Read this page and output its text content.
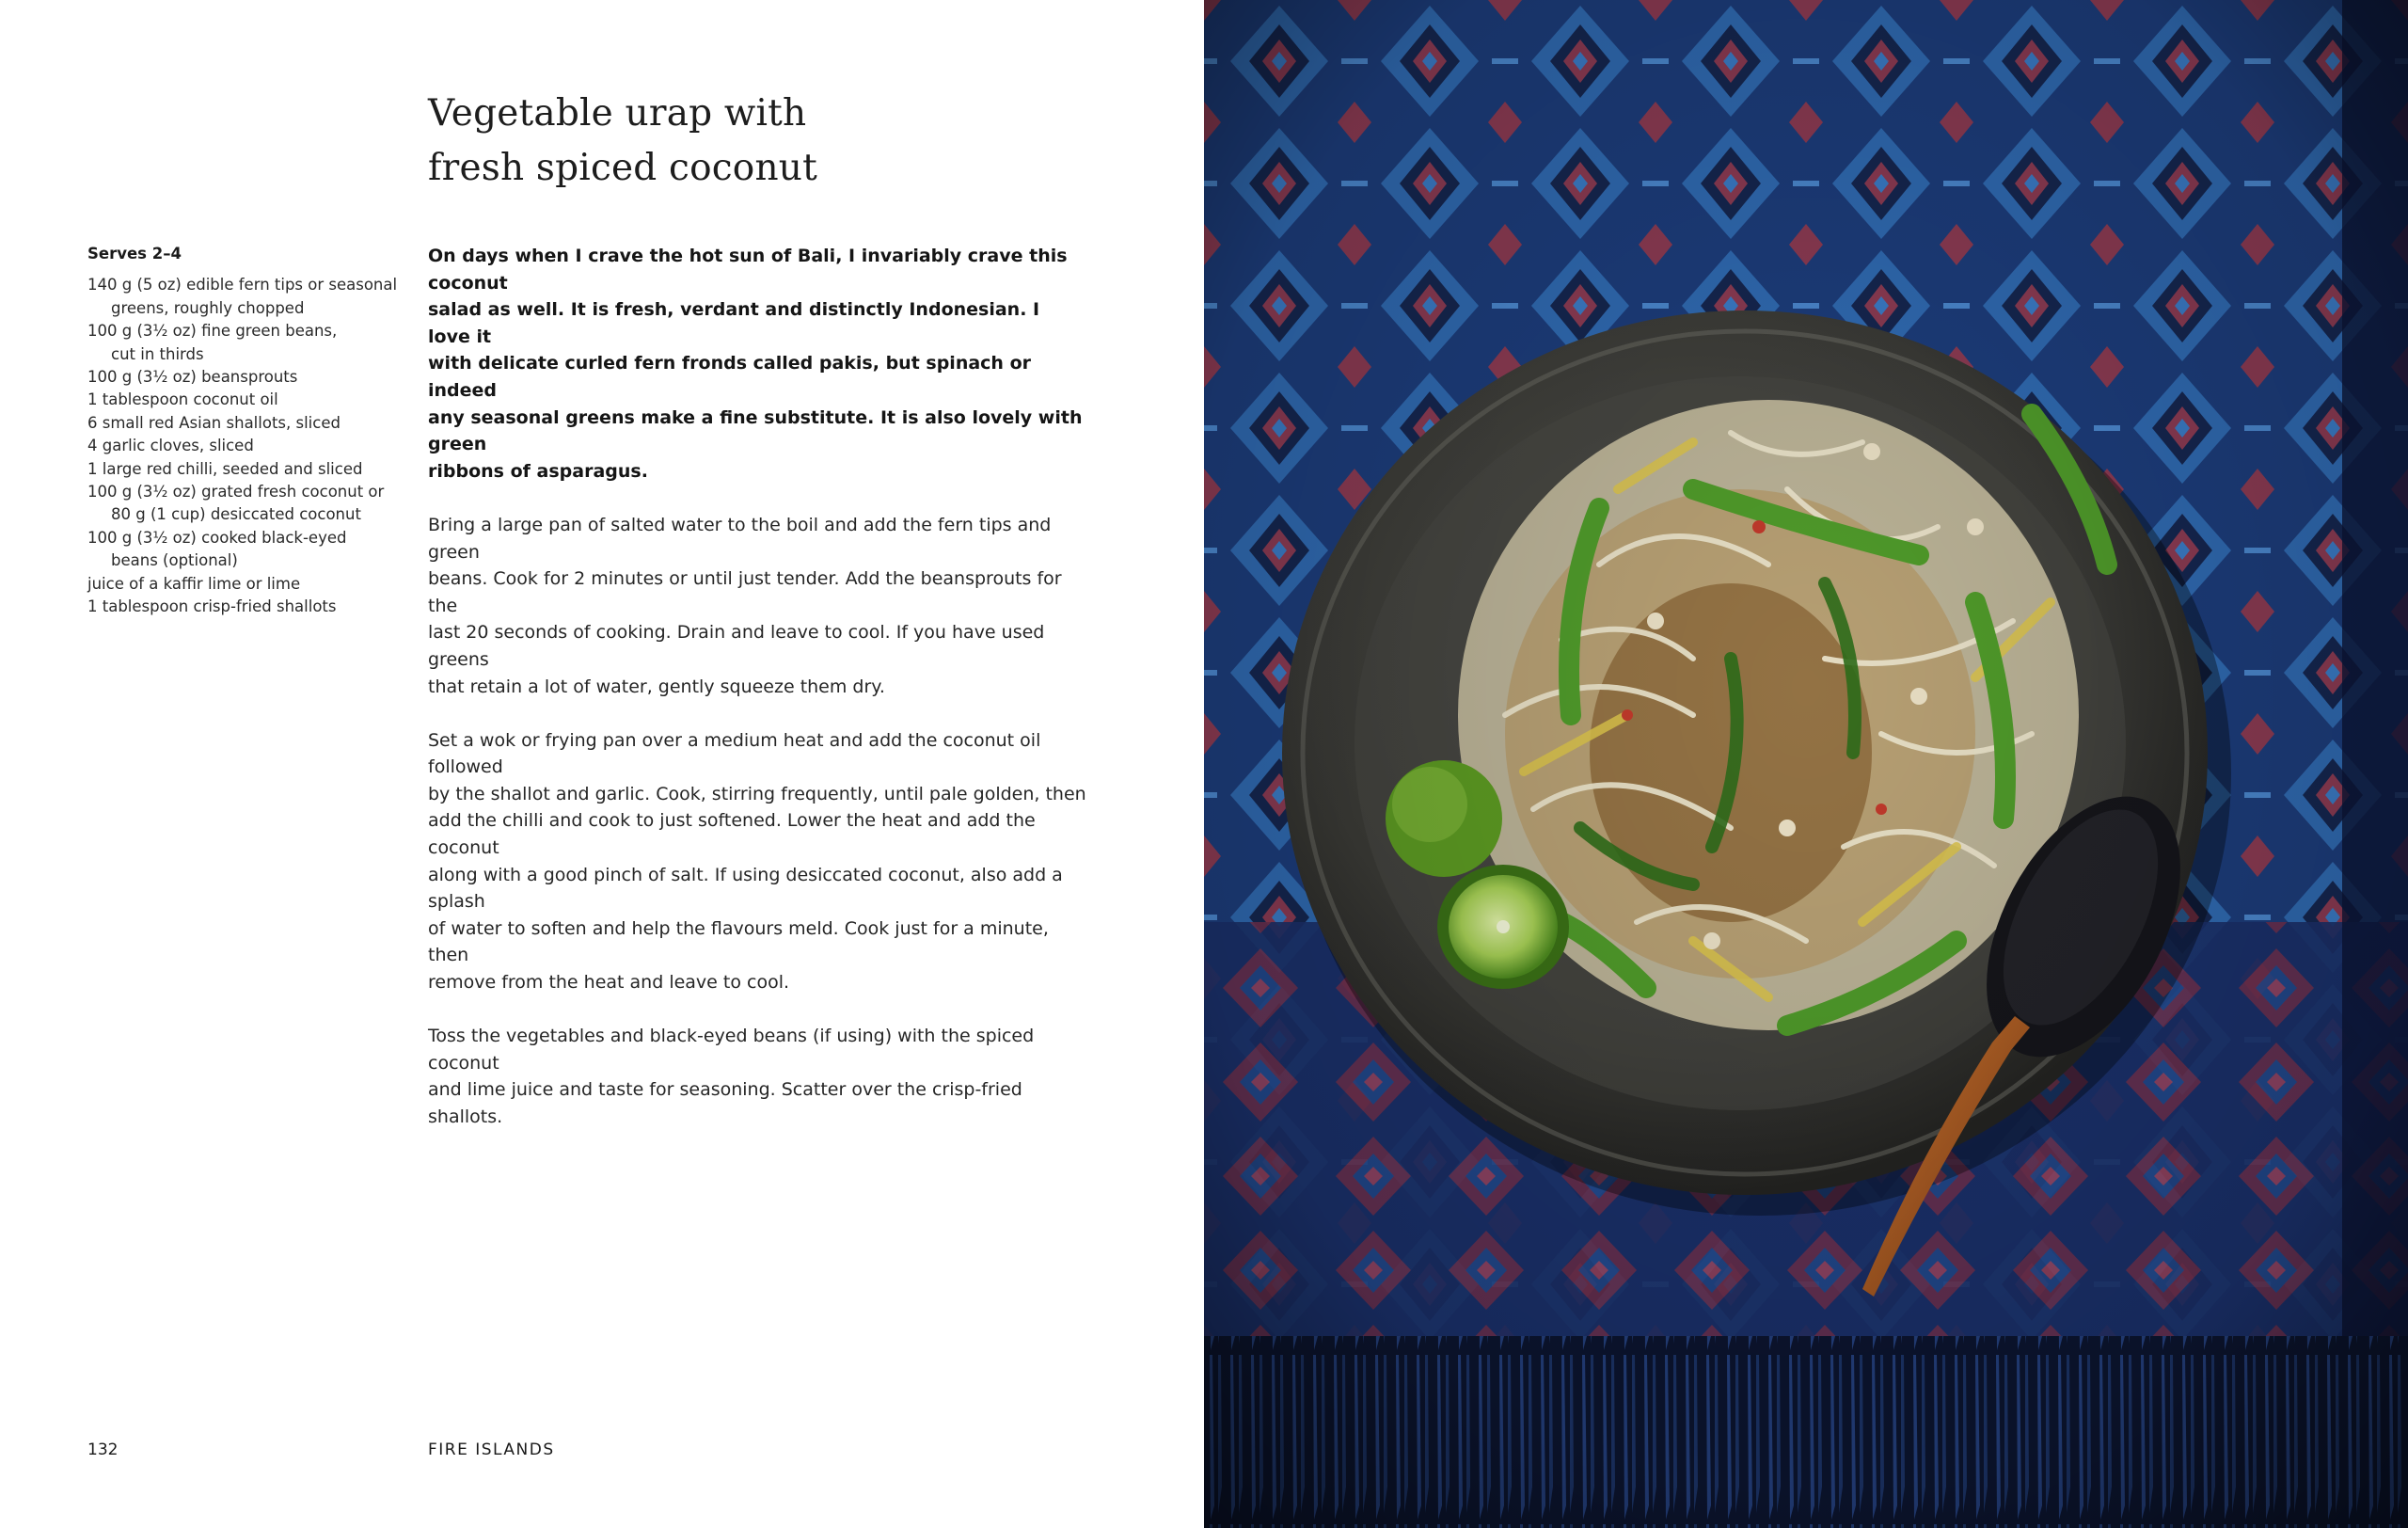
Vegetable urap with
fresh spiced coconut
Serves 2–4
140 g (5 oz) edible fern tips or seasonal
greens, roughly chopped
100 g (3½ oz) fine green beans,
cut in thirds
100 g (3½ oz) beansprouts
1 tablespoon coconut oil
6 small red Asian shallots, sliced
4 garlic cloves, sliced
1 large red chilli, seeded and sliced
100 g (3½ oz) grated fresh coconut or
80 g (1 cup) desiccated coconut
100 g (3½ oz) cooked black-eyed
beans (optional)
juice of a kaffir lime or lime
1 tablespoon crisp-fried shallots

On days when I crave the hot sun of Bali, I invariably crave this coconut
salad as well. It is fresh, verdant and distinctly Indonesian. I love it
with delicate curled fern fronds called pakis, but spinach or indeed
any seasonal greens make a fine substitute. It is also lovely with green
ribbons of asparagus.

Bring a large pan of salted water to the boil and add the fern tips and green
beans. Cook for 2 minutes or until just tender. Add the beansprouts for the
last 20 seconds of cooking. Drain and leave to cool. If you have used greens
that retain a lot of water, gently squeeze them dry.

Set a wok or frying pan over a medium heat and add the coconut oil followed
by the shallot and garlic. Cook, stirring frequently, until pale golden, then
add the chilli and cook to just softened. Lower the heat and add the coconut
along with a good pinch of salt. If using desiccated coconut, also add a splash
of water to soften and help the flavours meld. Cook just for a minute, then
remove from the heat and leave to cool.

Toss the vegetables and black-eyed beans (if using) with the spiced coconut
and lime juice and taste for seasoning. Scatter over the crisp-fried shallots.

132	FIRE ISLANDS
